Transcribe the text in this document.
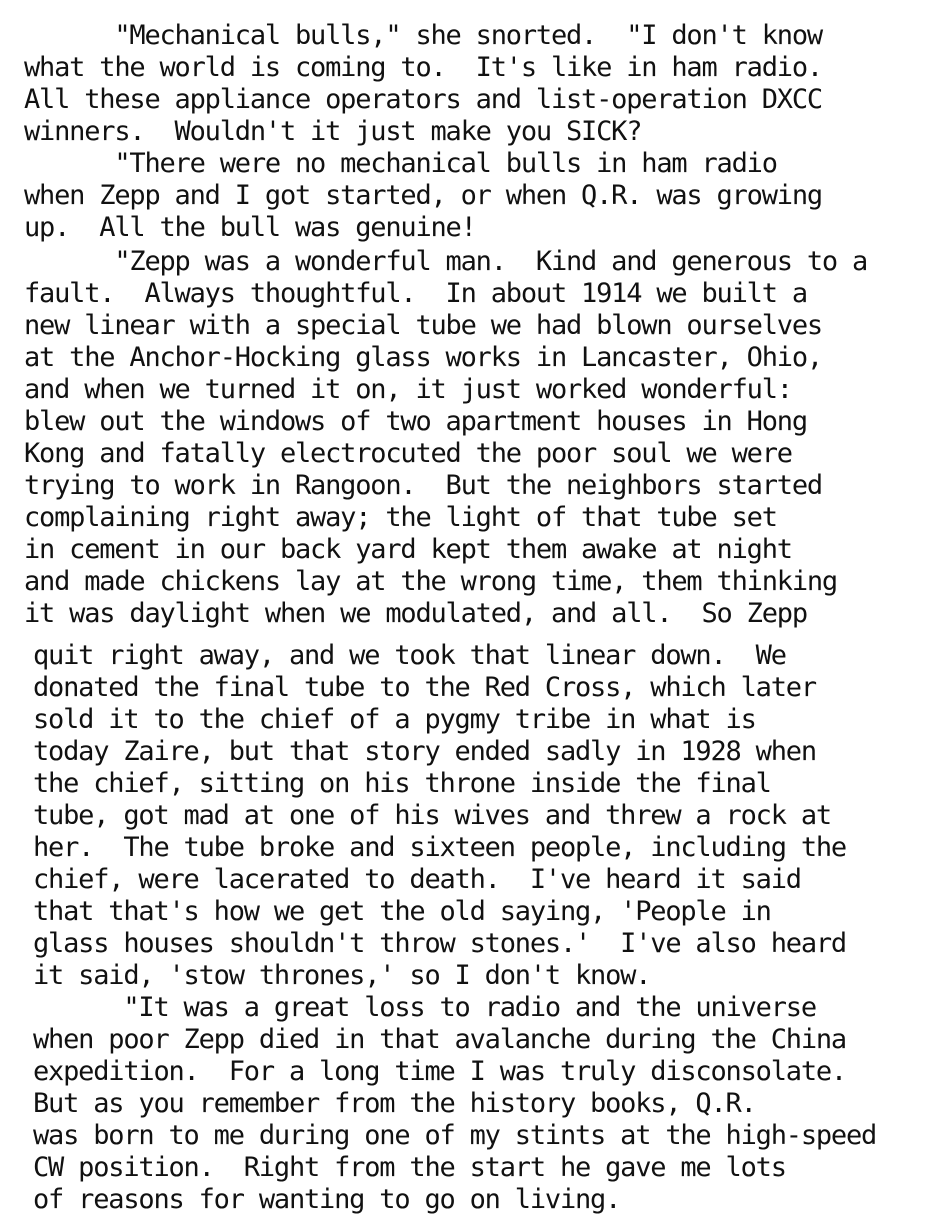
"Mechanical bulls," she snorted.  "I don't know
what the world is coming to.  It's like in ham radio.
All these appliance operators and list-operation DXCC
winners.  Wouldn't it just make you SICK?
"There were no mechanical bulls in ham radio
when Zepp and I got started, or when Q.R. was growing
up.  All the bull was genuine!
"Zepp was a wonderful man.  Kind and generous to a
fault.  Always thoughtful.  In about 1914 we built a
new linear with a special tube we had blown ourselves
at the Anchor-Hocking glass works in Lancaster, Ohio,
and when we turned it on, it just worked wonderful:
blew out the windows of two apartment houses in Hong
Kong and fatally electrocuted the poor soul we were
trying to work in Rangoon.  But the neighbors started
complaining right away; the light of that tube set
in cement in our back yard kept them awake at night
and made chickens lay at the wrong time, them thinking
it was daylight when we modulated, and all.  So Zepp
quit right away, and we took that linear down.  We
donated the final tube to the Red Cross, which later
sold it to the chief of a pygmy tribe in what is
today Zaire, but that story ended sadly in 1928 when
the chief, sitting on his throne inside the final
tube, got mad at one of his wives and threw a rock at
her.  The tube broke and sixteen people, including the
chief, were lacerated to death.  I've heard it said
that that's how we get the old saying, 'People in
glass houses shouldn't throw stones.'  I've also heard
it said, 'stow thrones,' so I don't know.
"It was a great loss to radio and the universe
when poor Zepp died in that avalanche during the China
expedition.  For a long time I was truly disconsolate.
But as you remember from the history books, Q.R.
was born to me during one of my stints at the high-speed
CW position.  Right from the start he gave me lots
of reasons for wanting to go on living.
